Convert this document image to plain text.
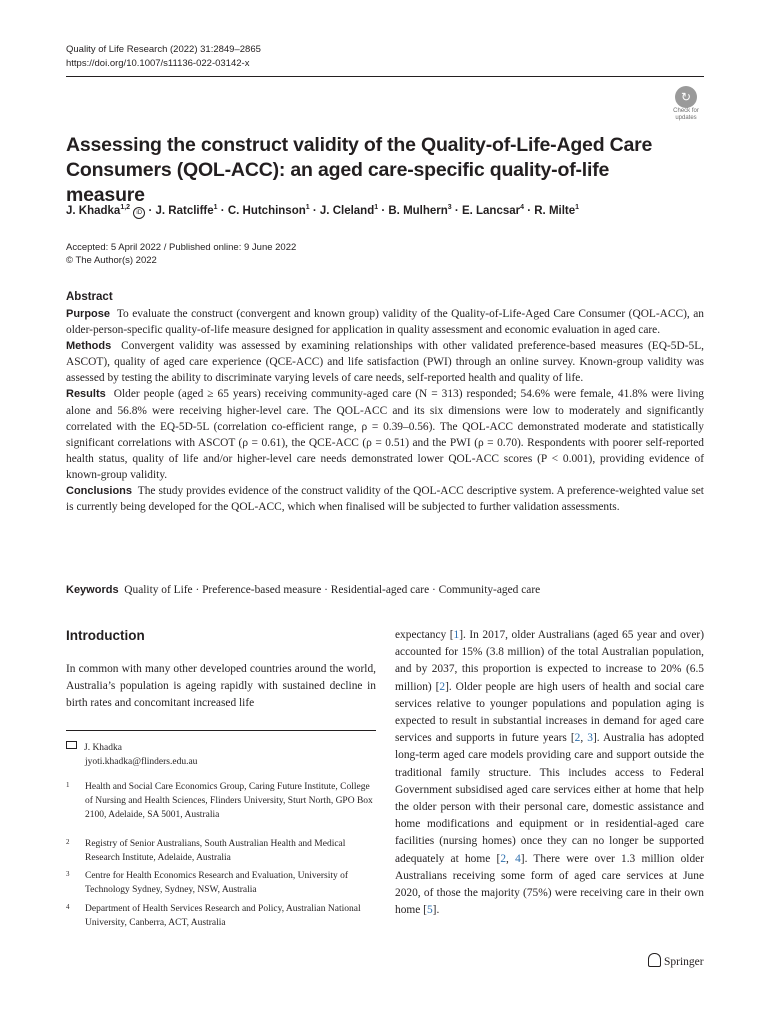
Quality of Life Research (2022) 31:2849–2865
https://doi.org/10.1007/s11136-022-03142-x
↻
Check for
updates
Assessing the construct validity of the Quality-of-Life-Aged Care Consumers (QOL-ACC): an aged care-specific quality-of-life measure
J. Khadka$^{1,2}$ iD · J. Ratcliffe$^1$ · C. Hutchinson$^1$ · J. Cleland$^1$ · B. Mulhern$^3$ · E. Lancsar$^4$ · R. Milte$^1$
Accepted: 5 April 2022 / Published online: 9 June 2022
© The Author(s) 2022
Abstract

Purpose To evaluate the construct (convergent and known group) validity of the Quality-of-Life-Aged Care Consumer (QOL-ACC), an older-person-specific quality-of-life measure designed for application in quality assessment and economic evaluation in aged care.

Methods Convergent validity was assessed by examining relationships with other validated preference-based measures (EQ-5D-5L, ASCOT), quality of aged care experience (QCE-ACC) and life satisfaction (PWI) through an online survey. Known-group validity was assessed by testing the ability to discriminate varying levels of care needs, self-reported health and quality of life.

Results Older people (aged ≥ 65 years) receiving community-aged care (N = 313) responded; 54.6% were female, 41.8% were living alone and 56.8% were receiving higher-level care. The QOL-ACC and its six dimensions were low to moderately and significantly correlated with the EQ-5D-5L (correlation co-efficient range, ρ = 0.39–0.56). The QOL-ACC demonstrated moderate and statistically significant correlations with ASCOT (ρ = 0.61), the QCE-ACC (ρ = 0.51) and the PWI (ρ = 0.70). Respondents with poorer self-reported health status, quality of life and/or higher-level care needs demonstrated lower QOL-ACC scores (P < 0.001), providing evidence of known-group validity.

Conclusions The study provides evidence of the construct validity of the QOL-ACC descriptive system. A preference-weighted value set is currently being developed for the QOL-ACC, which when finalised will be subjected to further validation assessments.

Keywords Quality of Life · Preference-based measure · Residential-aged care · Community-aged care
Introduction
In common with many other developed countries around the world, Australia’s population is ageing rapidly with sustained decline in birth rates and concomitant increased life
J. Khadka
jyoti.khadka@flinders.edu.au
1 Health and Social Care Economics Group, Caring Future Institute, College of Nursing and Health Sciences, Flinders University, Sturt North, GPO Box 2100, Adelaide, SA 5001, Australia
2 Registry of Senior Australians, South Australian Health and Medical Research Institute, Adelaide, Australia
3 Centre for Health Economics Research and Evaluation, University of Technology Sydney, Sydney, NSW, Australia
4 Department of Health Services Research and Policy, Australian National University, Canberra, ACT, Australia
expectancy [1]. In 2017, older Australians (aged 65 year and over) accounted for 15% (3.8 million) of the total Australian population, and by 2037, this proportion is expected to increase to 20% (6.5 million) [2]. Older people are high users of health and social care services relative to younger populations and population aging is expected to result in substantial increases in demand for aged care services and supports in future years [2, 3]. Australia has adopted long-term aged care models providing care and support outside the traditional family structure. This includes access to Federal Government subsidised aged care services either at home that help the older person with their personal care, domestic assistance and home modifications and equipment or in residential-aged care facilities (nursing homes) once they can no longer be supported adequately at home [2, 4]. There were over 1.3 million older Australians receiving some form of aged care services at June 2020, of those the majority (75%) were receiving care in their own home [5].
Springer
